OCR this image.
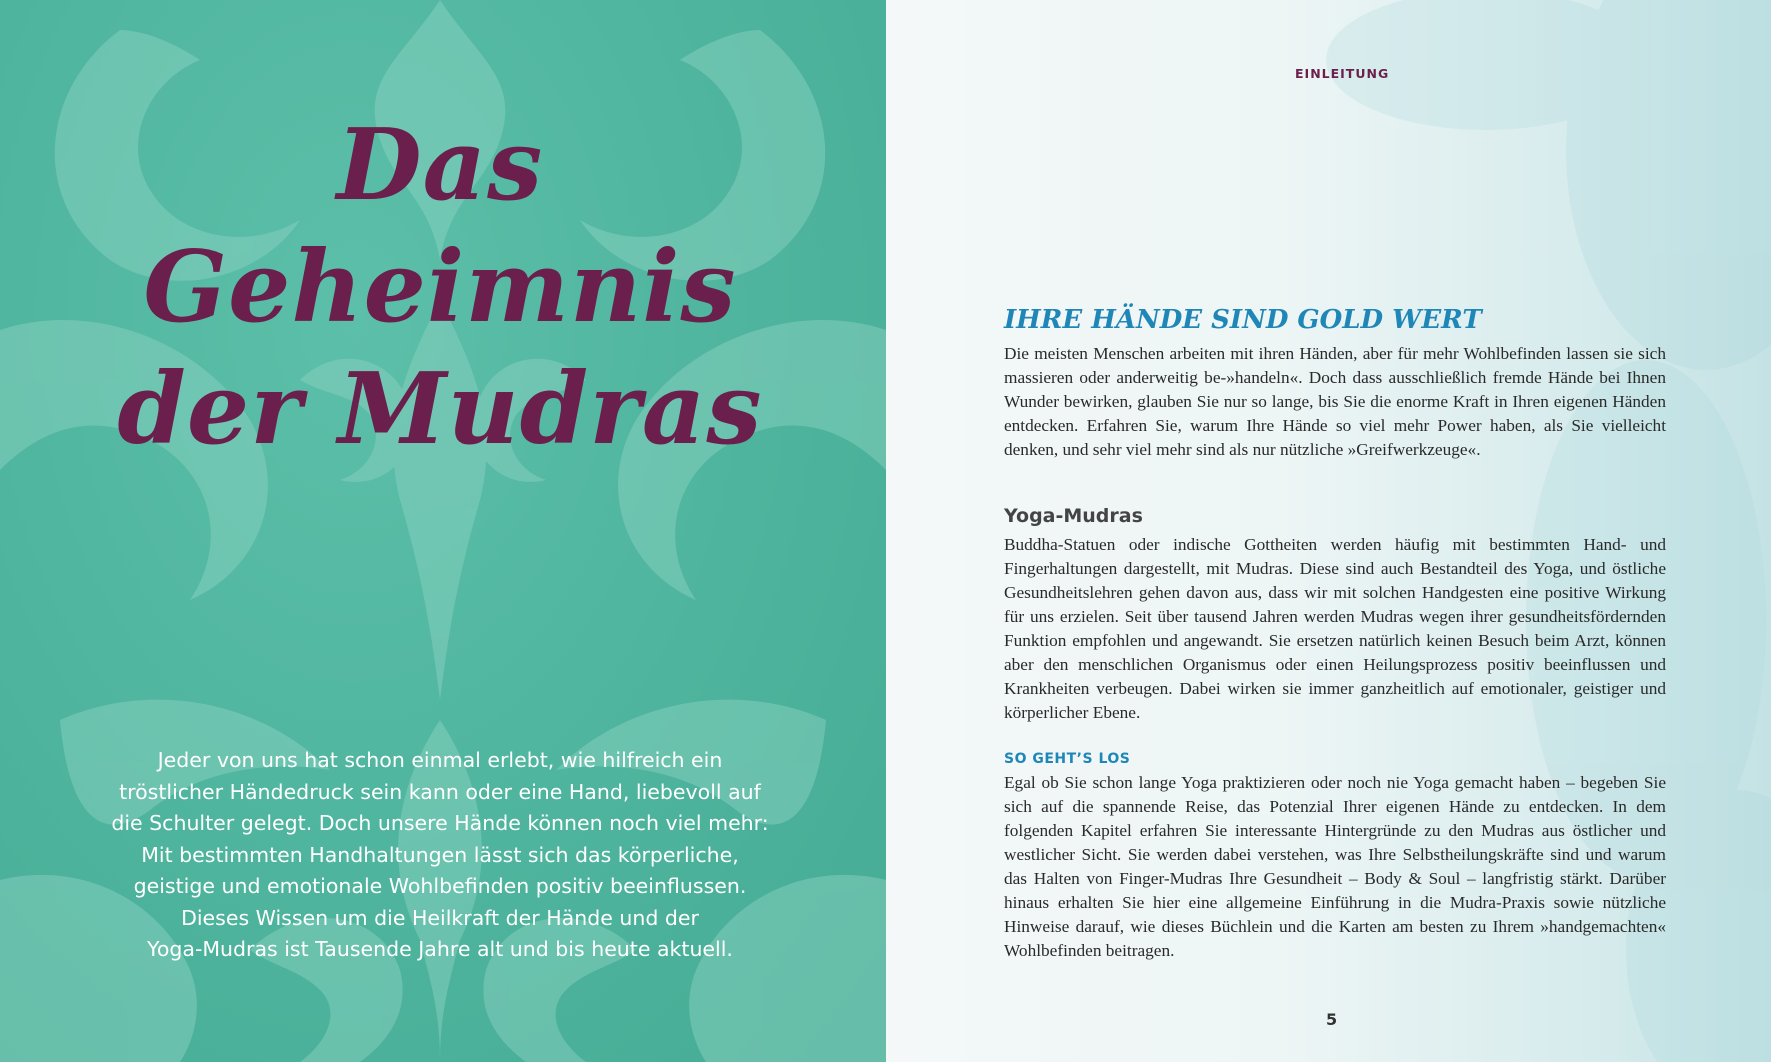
Das Geheimnis
der Mudras

Jeder von uns hat schon einmal erlebt, wie hilfreich ein
tröstlicher Händedruck sein kann oder eine Hand, liebevoll auf
die Schulter gelegt. Doch unsere Hände können noch viel mehr:
Mit bestimmten Handhaltungen lässt sich das körperliche,
geistige und emotionale Wohlbefinden positiv beeinflussen.
Dieses Wissen um die Heilkraft der Hände und der
Yoga-Mudras ist Tausende Jahre alt und bis heute aktuell.

EINLEITUNG
IHRE HÄNDE SIND GOLD WERT

Die meisten Menschen arbeiten mit ihren Händen, aber für mehr Wohlbefinden lassen sie sich massieren oder anderweitig be-»handeln«. Doch dass ausschließlich fremde Hände bei Ihnen Wunder bewirken, glauben Sie nur so lange, bis Sie die enorme Kraft in Ihren eigenen Händen entdecken. Erfahren Sie, warum Ihre Hände so viel mehr Power haben, als Sie vielleicht denken, und sehr viel mehr sind als nur nützliche »Greifwerkzeuge«.

Yoga-Mudras

Buddha-Statuen oder indische Gottheiten werden häufig mit bestimmten Hand- und Fingerhaltungen dargestellt, mit Mudras. Diese sind auch Bestandteil des Yoga, und östliche Gesundheitslehren gehen davon aus, dass wir mit solchen Handgesten eine positive Wirkung für uns erzielen. Seit über tausend Jahren werden Mudras wegen ihrer gesundheitsfördernden Funktion empfohlen und angewandt. Sie ersetzen natürlich keinen Besuch beim Arzt, können aber den menschlichen Organismus oder einen Heilungsprozess positiv beeinflussen und Krankheiten verbeugen. Dabei wirken sie immer ganzheitlich auf emotionaler, geistiger und körperlicher Ebene.

SO GEHT’S LOS

Egal ob Sie schon lange Yoga praktizieren oder noch nie Yoga gemacht haben – begeben Sie sich auf die spannende Reise, das Potenzial Ihrer eigenen Hände zu entdecken. In dem folgenden Kapitel erfahren Sie interessante Hintergründe zu den Mudras aus östlicher und westlicher Sicht. Sie werden dabei verstehen, was Ihre Selbstheilungskräfte sind und warum das Halten von Finger-Mudras Ihre Gesundheit – Body & Soul – langfristig stärkt. Darüber hinaus erhalten Sie hier eine allgemeine Einführung in die Mudra-Praxis sowie nützliche Hinweise darauf, wie dieses Büchlein und die Karten am besten zu Ihrem »handgemachten« Wohlbefinden beitragen.

5
